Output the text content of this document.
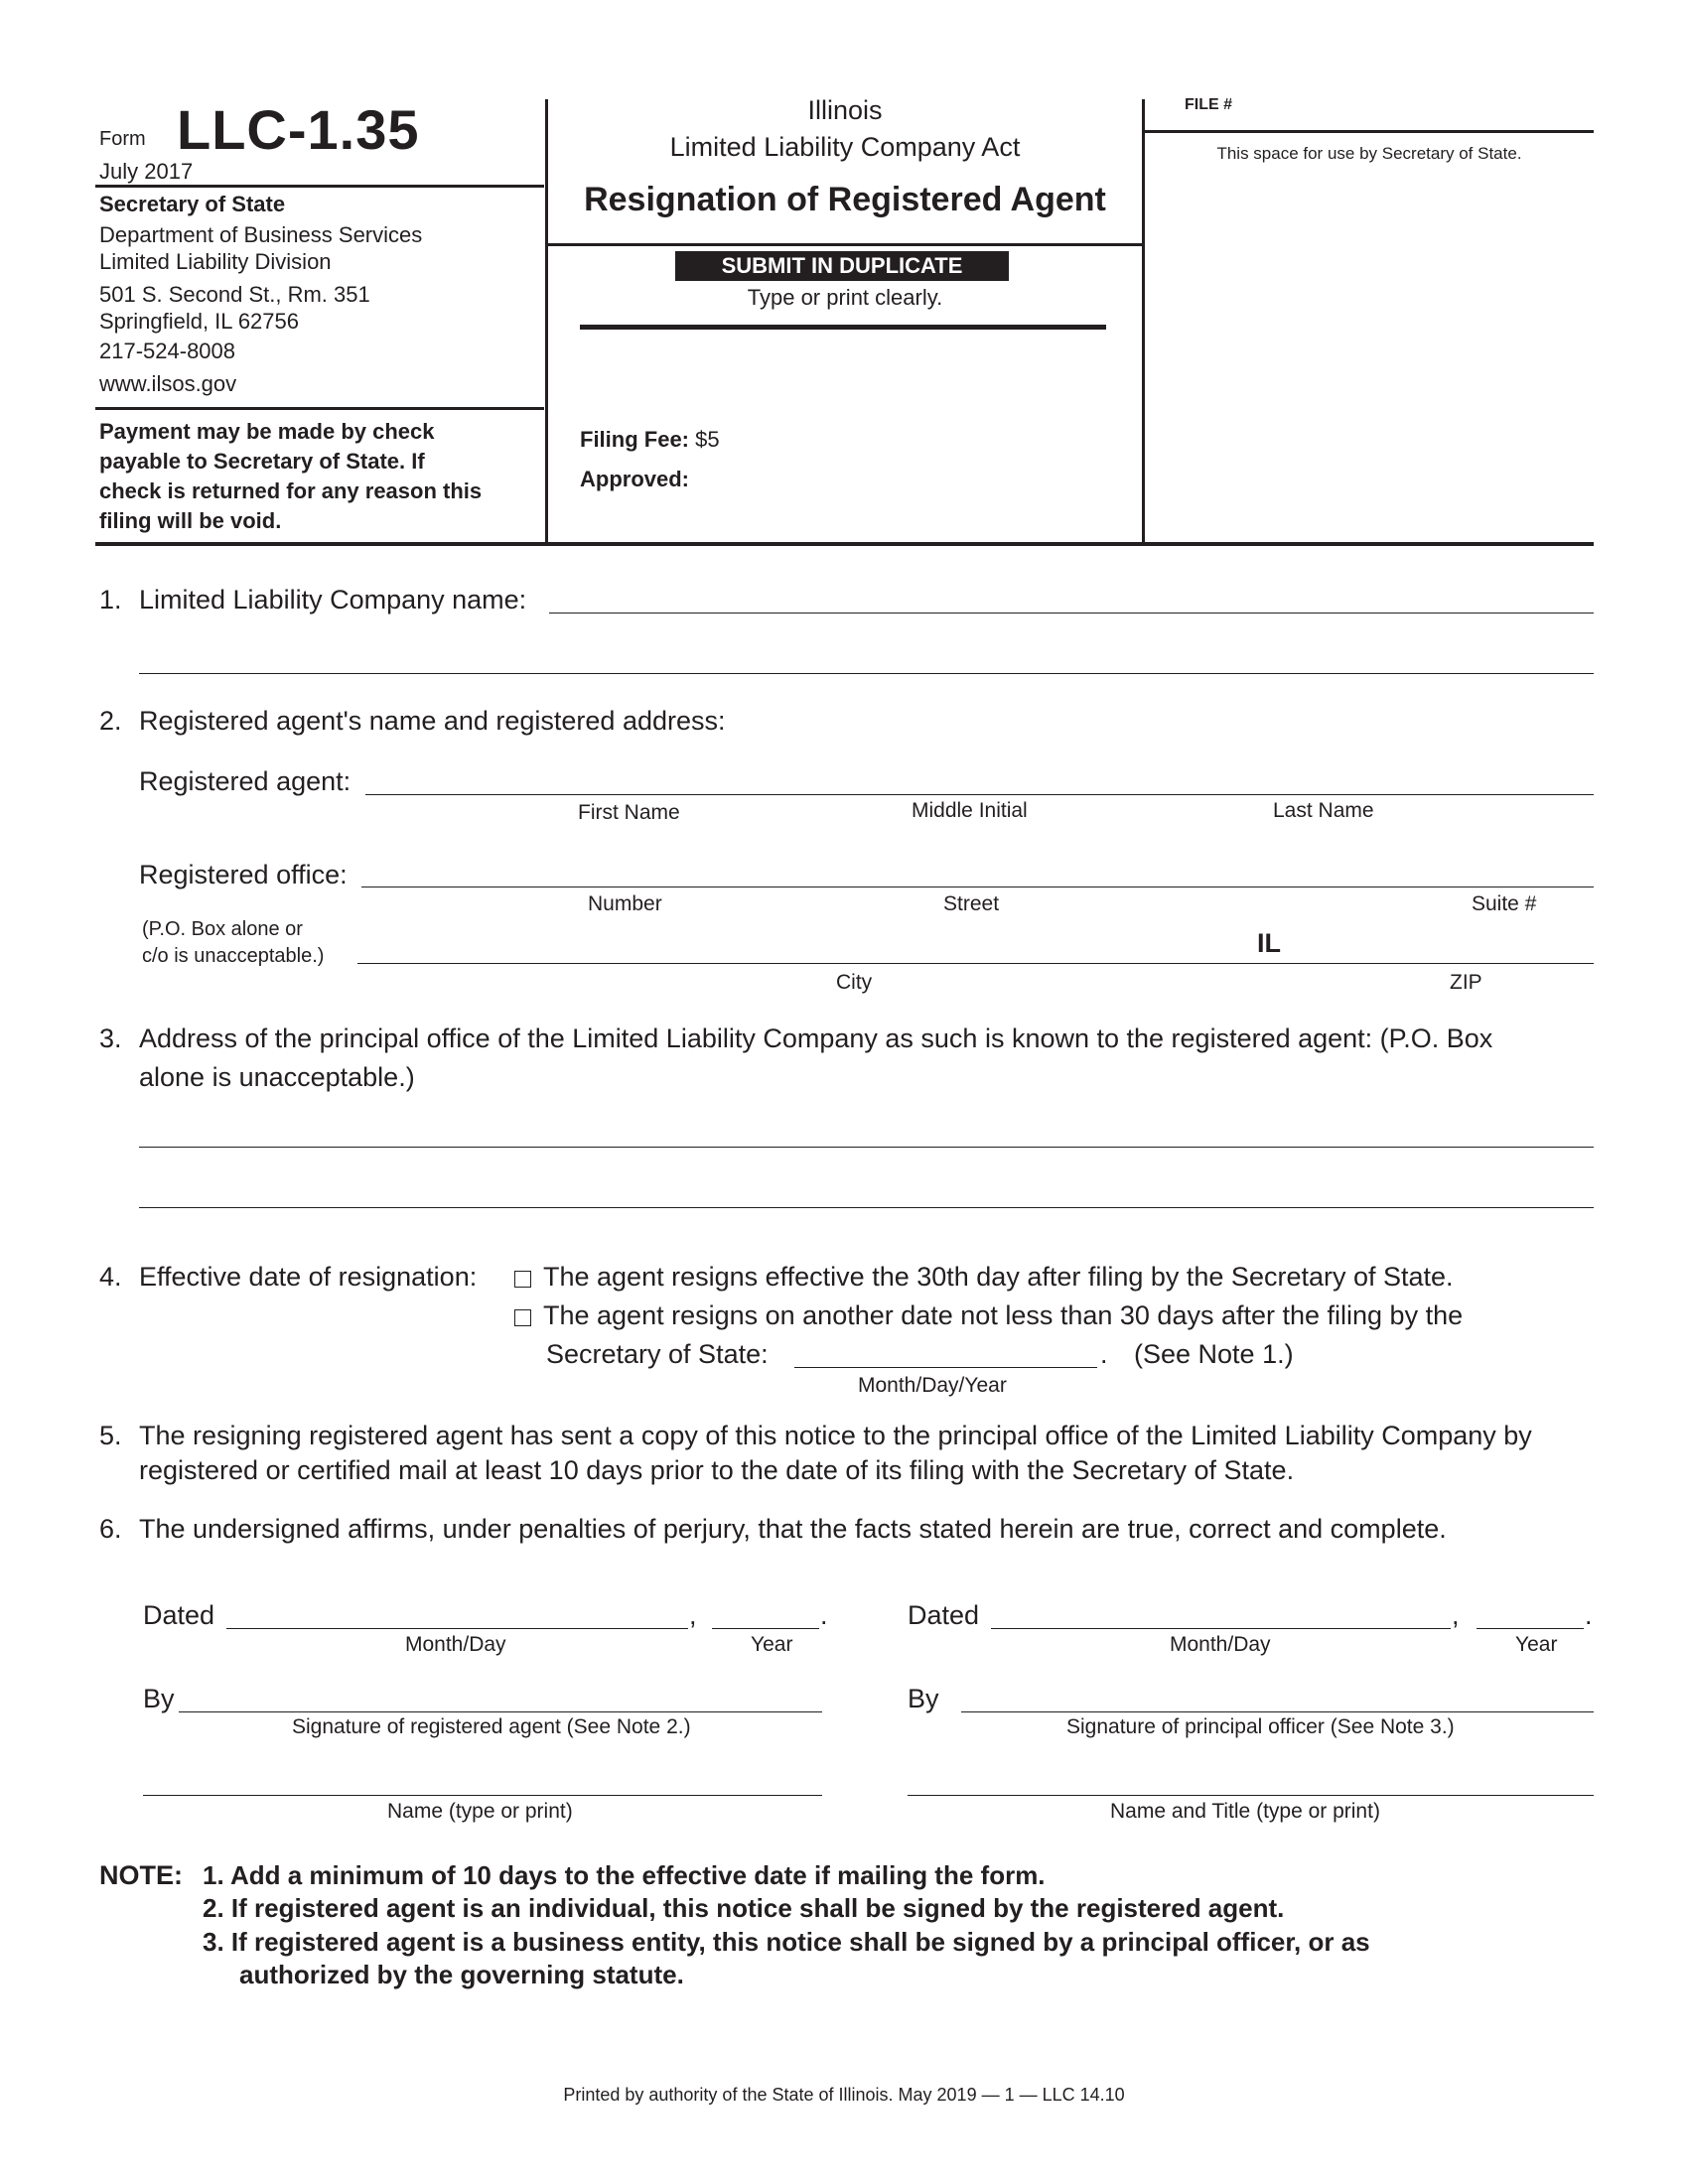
Form LLC-1.35
July 2017
Secretary of State
Department of Business Services
Limited Liability Division
501 S. Second St., Rm. 351
Springfield, IL 62756
217-524-8008
www.ilsos.gov
Payment may be made by check
payable to Secretary of State. If
check is returned for any reason this
filing will be void.
Illinois
Limited Liability Company Act
Resignation of Registered Agent
SUBMIT IN DUPLICATE
Type or print clearly.
Filing Fee: $5
Approved:
FILE #
This space for use by Secretary of State.
1. Limited Liability Company name:
2. Registered agent's name and registered address:
Registered agent:
First Name	Middle Initial	Last Name
Registered office:
Number	Street	Suite #
(P.O. Box alone or
c/o is unacceptable.)	IL
City	ZIP
3. Address of the principal office of the Limited Liability Company as such is known to the registered agent: (P.O. Box
alone is unacceptable.)
4. Effective date of resignation:	The agent resigns effective the 30th day after filing by the Secretary of State.
The agent resigns on another date not less than 30 days after the filing by the
Secretary of State:	. (See Note 1.)
Month/Day/Year
5. The resigning registered agent has sent a copy of this notice to the principal office of the Limited Liability Company by
registered or certified mail at least 10 days prior to the date of its filing with the Secretary of State.
6. The undersigned affirms, under penalties of perjury, that the facts stated herein are true, correct and complete.
Dated	,	.
Month/Day	Year
By
Signature of registered agent (See Note 2.)
Name (type or print)
Dated	,	.
Month/Day	Year
By
Signature of principal officer (See Note 3.)
Name and Title (type or print)
NOTE: 1. Add a minimum of 10 days to the effective date if mailing the form.
2. If registered agent is an individual, this notice shall be signed by the registered agent.
3. If registered agent is a business entity, this notice shall be signed by a principal officer, or as
authorized by the governing statute.
Printed by authority of the State of Illinois. May 2019 — 1 — LLC 14.10
